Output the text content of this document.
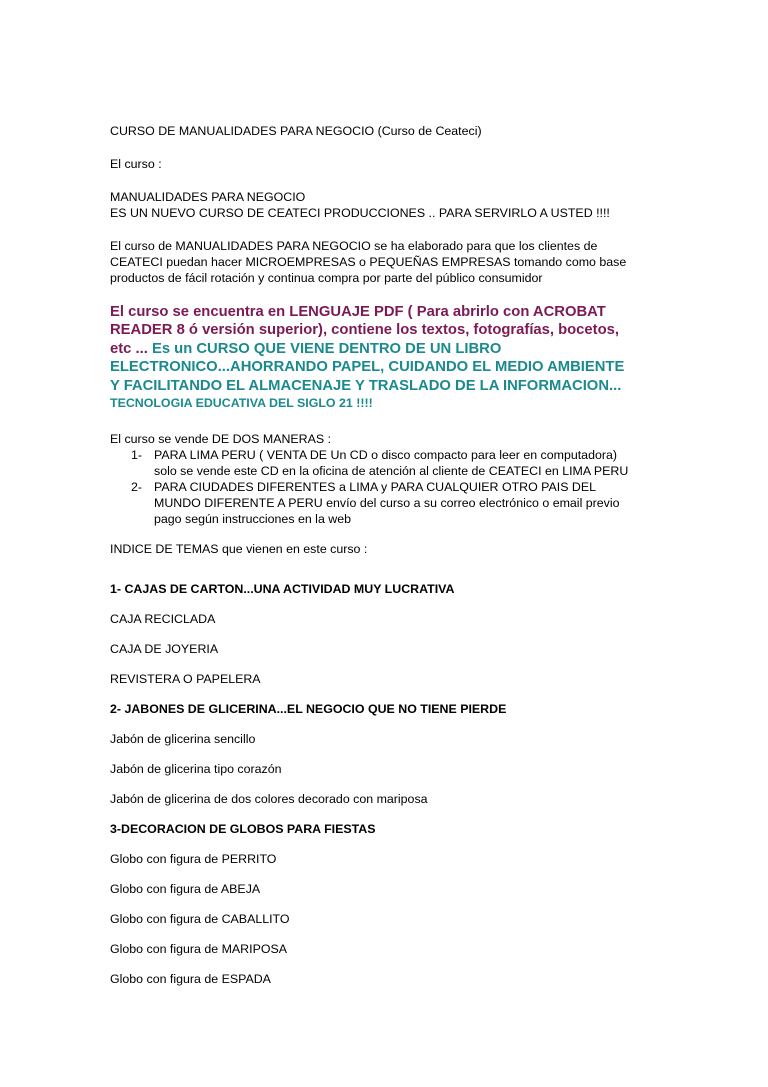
CURSO DE MANUALIDADES PARA NEGOCIO (Curso de Ceateci)

El curso :

MANUALIDADES PARA NEGOCIO
ES UN NUEVO CURSO DE CEATECI PRODUCCIONES .. PARA SERVIRLO A USTED !!!!

El curso de MANUALIDADES PARA NEGOCIO se ha elaborado para que los clientes de
CEATECI puedan hacer MICROEMPRESAS o PEQUEÑAS EMPRESAS tomando como base
productos de fácil rotación y continua compra por parte del público consumidor

El curso se encuentra en LENGUAJE PDF ( Para abrirlo con ACROBAT
READER 8 ó versión superior), contiene los textos, fotografías, bocetos,
etc ... Es un CURSO QUE VIENE DENTRO DE UN LIBRO
ELECTRONICO...AHORRANDO PAPEL, CUIDANDO EL MEDIO AMBIENTE
Y FACILITANDO EL ALMACENAJE Y TRASLADO DE LA INFORMACION...
TECNOLOGIA EDUCATIVA DEL SIGLO 21 !!!!

El curso se vende DE DOS MANERAS :

1- PARA LIMA PERU ( VENTA DE Un CD o disco compacto para leer en computadora)
solo se vende este CD en la oficina de atención al cliente de CEATECI en LIMA PERU
2- PARA CIUDADES DIFERENTES a LIMA y PARA CUALQUIER OTRO PAIS DEL
MUNDO DIFERENTE A PERU envío del curso a su correo electrónico o email previo
pago según instrucciones en la web

INDICE DE TEMAS que vienen en este curso :

1- CAJAS DE CARTON...UNA ACTIVIDAD MUY LUCRATIVA

CAJA RECICLADA

CAJA DE JOYERIA

REVISTERA O PAPELERA

2- JABONES DE GLICERINA...EL NEGOCIO QUE NO TIENE PIERDE

Jabón de glicerina sencillo

Jabón de glicerina tipo corazón

Jabón de glicerina de dos colores decorado con mariposa

3-DECORACION DE GLOBOS PARA FIESTAS

Globo con figura de PERRITO

Globo con figura de ABEJA

Globo con figura de CABALLITO

Globo con figura de MARIPOSA

Globo con figura de ESPADA
